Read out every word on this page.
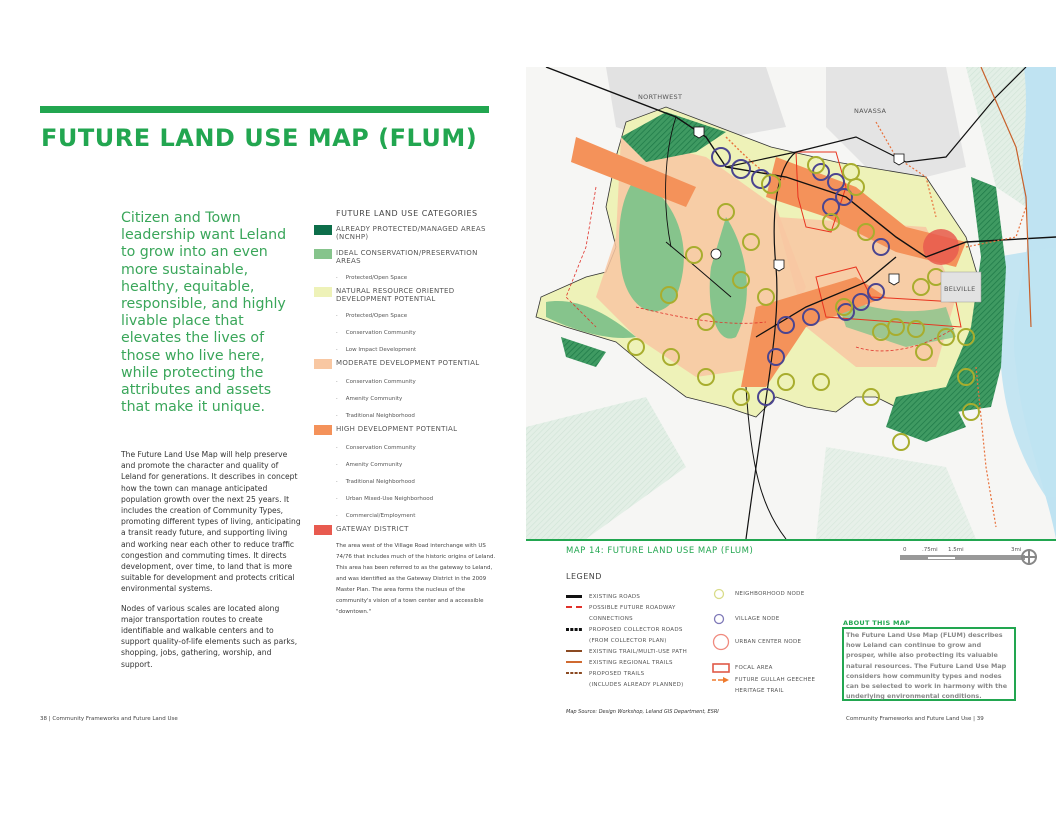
FUTURE LAND USE MAP (FLUM)
Citizen and Town leadership want Leland to grow into an even more sustainable, healthy, equitable, responsible, and highly livable place that elevates the lives of those who live here, while protecting the attributes and assets that make it unique.

The Future Land Use Map will help preserve and promote the character and quality of Leland for generations. It describes in concept how the town can manage anticipated population growth over the next 25 years. It includes the creation of Community Types, promoting different types of living, anticipating a transit ready future, and supporting living and working near each other to reduce traffic congestion and commuting times. It directs development, over time, to land that is more suitable for development and protects critical environmental systems.

Nodes of various scales are located along major transportation routes to create identifiable and walkable centers and to support quality-of-life elements such as parks, shopping, jobs, gathering, worship, and support.

FUTURE LAND USE CATEGORIES
ALREADY PROTECTED/MANAGED AREAS (NCNHP)
IDEAL CONSERVATION/PRESERVATION AREAS
· Protected/Open Space
NATURAL RESOURCE ORIENTED DEVELOPMENT POTENTIAL
· Protected/Open Space
· Conservation Community
· Low Impact Development
MODERATE DEVELOPMENT POTENTIAL
· Conservation Community
· Amenity Community
· Traditional Neighborhood
HIGH DEVELOPMENT POTENTIAL
· Conservation Community
· Amenity Community
· Traditional Neighborhood
· Urban Mixed-Use Neighborhood
· Commercial/Employment
GATEWAY DISTRICT
The area west of the Village Road interchange with US 74/76 that includes much of the historic origins of Leland. This area has been referred to as the gateway to Leland, and was identified as the Gateway District in the 2009 Master Plan. The area forms the nucleus of the community's vision of a town center and a accessible "downtown."
NORTHWEST
NAVASSA
BELVILLE
MAP 14: FUTURE LAND USE MAP (FLUM)	0	.75mi 1.5mi	3mi
LEGEND
EXISTING ROADS
POSSIBLE FUTURE ROADWAY
CONNECTIONS
PROPOSED COLLECTOR ROADS
(FROM COLLECTOR PLAN)
EXISTING TRAIL/MULTI-USE PATH
EXISTING REGIONAL TRAILS
PROPOSED TRAILS
(INCLUDES ALREADY PLANNED)
NEIGHBORHOOD NODE
VILLAGE NODE
URBAN CENTER NODE
FOCAL AREA
FUTURE GULLAH GEECHEE
HERITAGE TRAIL
Map Source: Design Workshop, Leland GIS Department, ESRI
ABOUT THIS MAP
The Future Land Use Map (FLUM) describes how Leland can continue to grow and prosper, while also protecting its valuable natural resources. The Future Land Use Map considers how community types and nodes can be selected to work in harmony with the underlying environmental conditions.
38 | Community Frameworks and Future Land Use	Community Frameworks and Future Land Use | 39
